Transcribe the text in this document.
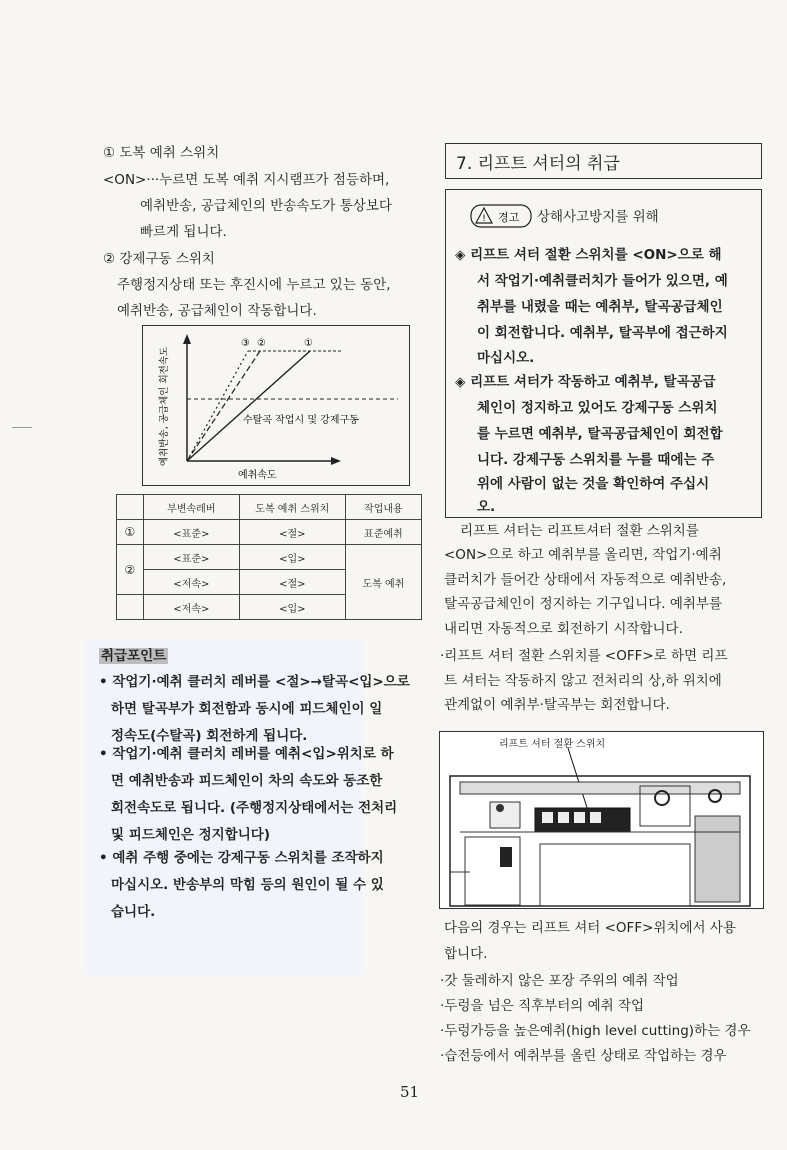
① 도복 예취 스위치
<ON>···누르면 도복 예취 지시램프가 점등하며,
예취반송, 공급체인의 반송속도가 통상보다
빠르게 됩니다.
② 강제구동 스위치
주행정지상태 또는 후진시에 누르고 있는 동안,
예취반송, 공급체인이 작동합니다.
③ ②	①
수탈곡 작업시 및 강제구동
예취속도
예취반송, 공급체인 회전속도
	부변속레버	도복 예취 스위치	작업내용
①	<표준>	<절>	표준예취
②	<표준>	<입>	도복 예취
	<저속>	<절>	
	<저속>	<입>	
취급포인트
• 작업기·예취 클러치 레버를 <절>→탈곡<입>으로
하면 탈곡부가 회전함과 동시에 피드체인이 일
정속도(수탈곡) 회전하게 됩니다.
• 작업기·예취 클러치 레버를 예취<입>위치로 하
면 예취반송과 피드체인이 차의 속도와 동조한
회전속도로 됩니다. (주행정지상태에서는 전처리
및 피드체인은 정지합니다)
• 예취 주행 중에는 강제구동 스위치를 조작하지
마십시오. 반송부의 막힘 등의 원인이 될 수 있
습니다.
7. 리프트 셔터의 취급
! 경고 상해사고방지를 위해
◈ 리프트 셔터 절환 스위치를 <ON>으로 해
서 작업기·예취클러치가 들어가 있으면, 예
취부를 내렸을 때는 예취부, 탈곡공급체인
이 회전합니다. 예취부, 탈곡부에 접근하지
마십시오.
◈ 리프트 셔터가 작동하고 예취부, 탈곡공급
체인이 정지하고 있어도 강제구동 스위치
를 누르면 예취부, 탈곡공급체인이 회전합
니다. 강제구동 스위치를 누를 때에는 주
위에 사람이 없는 것을 확인하여 주십시
오.
리프트 셔터는 리프트셔터 절환 스위치를
<ON>으로 하고 예취부를 올리면, 작업기·예취
클러치가 들어간 상태에서 자동적으로 예취반송,
탈곡공급체인이 정지하는 기구입니다. 예취부를
내리면 자동적으로 회전하기 시작합니다.
·리프트 셔터 절환 스위치를 <OFF>로 하면 리프
트 셔터는 작동하지 않고 전처리의 상,하 위치에
관계없이 예취부·탈곡부는 회전합니다.
리프트 셔터 절환 스위치
다음의 경우는 리프트 셔터 <OFF>위치에서 사용
합니다.
·갓 둘레하지 않은 포장 주위의 예취 작업
·두렁을 넘은 직후부터의 예취 작업
·두렁가등을 높은예취(high level cutting)하는 경우
·습전등에서 예취부를 올린 상태로 작업하는 경우
51
